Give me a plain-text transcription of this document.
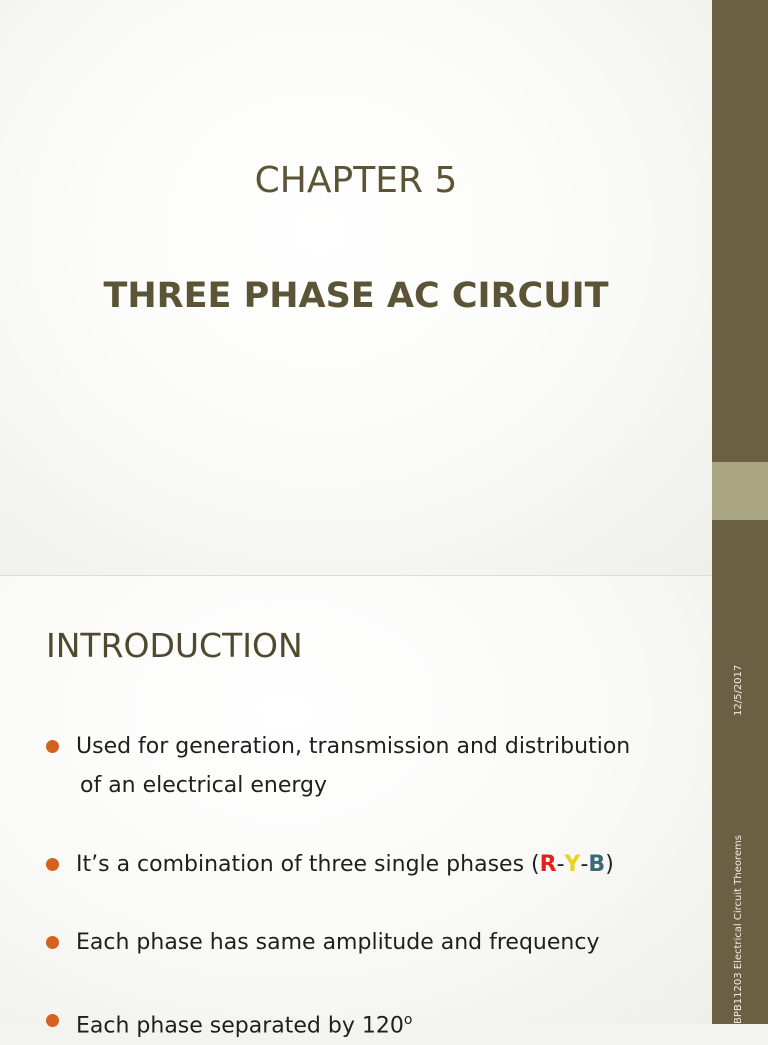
CHAPTER 5
THREE PHASE AC CIRCUIT
INTRODUCTION
Used for generation, transmission and distribution
of an electrical energy
It’s a combination of three single phases (R-Y-B)
Each phase has same amplitude and frequency
Each phase separated by 120$^o$
12/5/2017
BPB11203 Electrical Circuit Theorems
